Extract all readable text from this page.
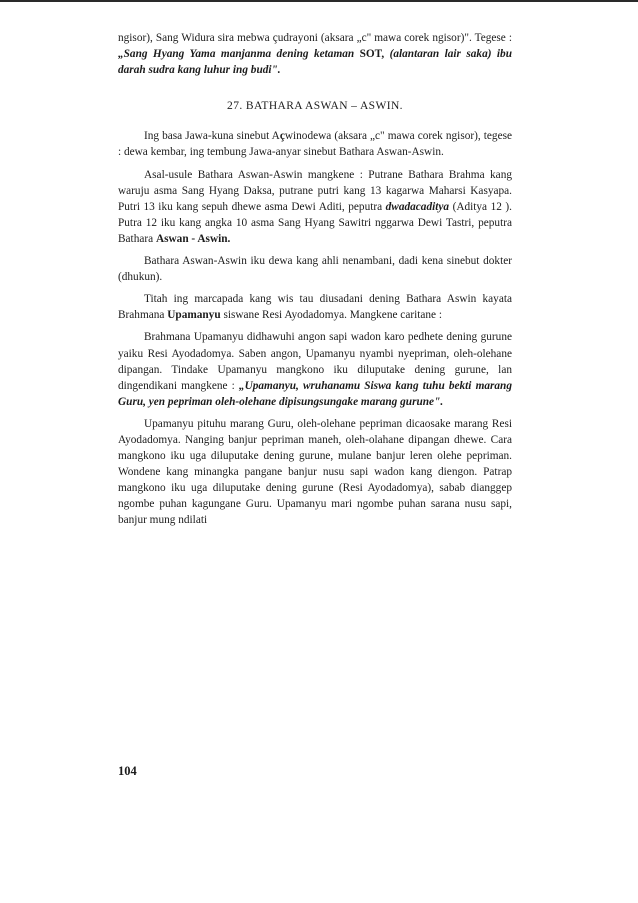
ngisor), Sang Widura sira mebwa çudrayoni (aksara „c" mawa corek ngisor)". Tegese : „Sang Hyang Yama manjanma dening ketaman SOT, (alantaran lair saka) ibu darah sudra kang luhur ing budi".

27. BATHARA ASWAN – ASWIN.

Ing basa Jawa-kuna sinebut Açwinodewa (aksara „c" mawa corek ngisor), tegese : dewa kembar, ing tembung Jawa-anyar sinebut Bathara Aswan-Aswin.

Asal-usule Bathara Aswan-Aswin mangkene : Putrane Bathara Brahma kang waruju asma Sang Hyang Daksa, putrane putri kang 13 kagarwa Maharsi Kasyapa. Putri 13 iku kang sepuh dhewe asma Dewi Aditi, peputra dwadacaditya (Aditya 12 ). Putra 12 iku kang angka 10 asma Sang Hyang Sawitri nggarwa Dewi Tastri, peputra Bathara Aswan - Aswin.

Bathara Aswan-Aswin iku dewa kang ahli nenambani, dadi kena sinebut dokter (dhukun).

Titah ing marcapada kang wis tau diusadani dening Bathara Aswin kayata Brahmana Upamanyu siswane Resi Ayodadomya. Mangkene caritane :

Brahmana Upamanyu didhawuhi angon sapi wadon karo pedhete dening gurune yaiku Resi Ayodadomya. Saben angon, Upamanyu nyambi nyepriman, oleh-olehane dipangan. Tindake Upamanyu mangkono iku diluputake dening gurune, lan dingendikani mangkene : „Upamanyu, wruhanamu Siswa kang tuhu bekti marang Guru, yen pepriman oleh-olehane dipisungsungake marang gurune".

Upamanyu pituhu marang Guru, oleh-olehane pepriman dicaosake marang Resi Ayodadomya. Nanging banjur pepriman maneh, oleh-olahane dipangan dhewe. Cara mangkono iku uga diluputake dening gurune, mulane banjur leren olehe pepriman. Wondene kang minangka pangane banjur nusu sapi wadon kang diengon. Patrap mangkono iku uga diluputake dening gurune (Resi Ayodadomya), sabab dianggep ngombe puhan kagungane Guru. Upamanyu mari ngombe puhan sarana nusu sapi, banjur mung ndilati

104
